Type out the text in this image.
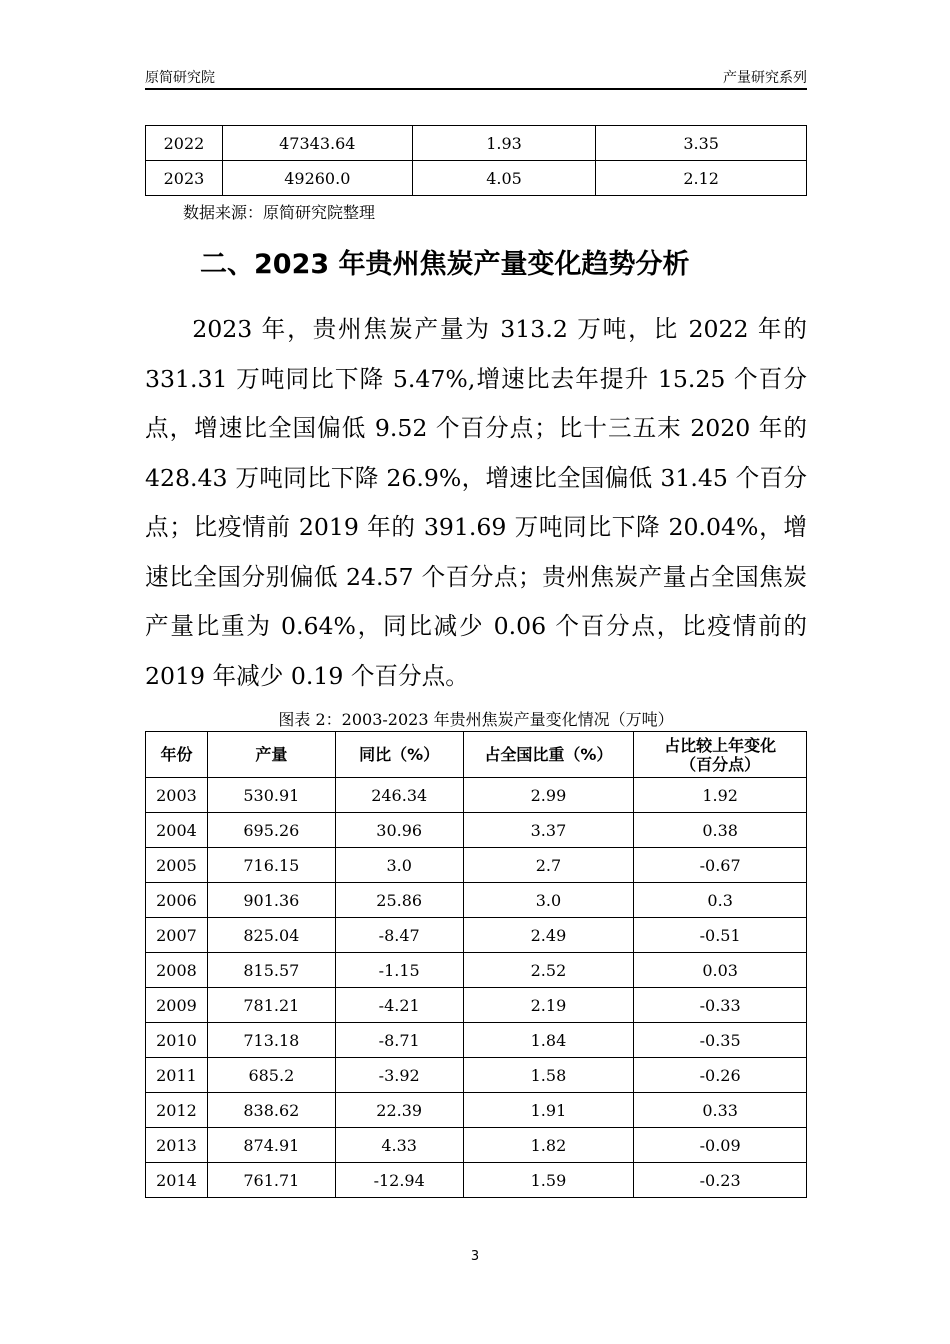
原简研究院	产量研究系列
2022	47343.64	1.93	3.35
2023	49260.0	4.05	2.12
数据来源：原简研究院整理
二、2023 年贵州焦炭产量变化趋势分析

2023 年，贵州焦炭产量为 313.2 万吨，比 2022 年的 331.31 万吨同比下降 5.47%,增速比去年提升 15.25 个百分点，增速比全国偏低 9.52 个百分点；比十三五末 2020 年的 428.43 万吨同比下降 26.9%，增速比全国偏低 31.45 个百分点；比疫情前 2019 年的 391.69 万吨同比下降 20.04%，增速比全国分别偏低 24.57 个百分点；贵州焦炭产量占全国焦炭产量比重为 0.64%，同比减少 0.06 个百分点，比疫情前的 2019 年减少 0.19 个百分点。

图表 2：2003-2023 年贵州焦炭产量变化情况（万吨）
年份	产量	同比（%）	占全国比重（%）	占比较上年变化
（百分点）
2003	530.91	246.34	2.99	1.92
2004	695.26	30.96	3.37	0.38
2005	716.15	3.0	2.7	-0.67
2006	901.36	25.86	3.0	0.3
2007	825.04	-8.47	2.49	-0.51
2008	815.57	-1.15	2.52	0.03
2009	781.21	-4.21	2.19	-0.33
2010	713.18	-8.71	1.84	-0.35
2011	685.2	-3.92	1.58	-0.26
2012	838.62	22.39	1.91	0.33
2013	874.91	4.33	1.82	-0.09
2014	761.71	-12.94	1.59	-0.23
3
